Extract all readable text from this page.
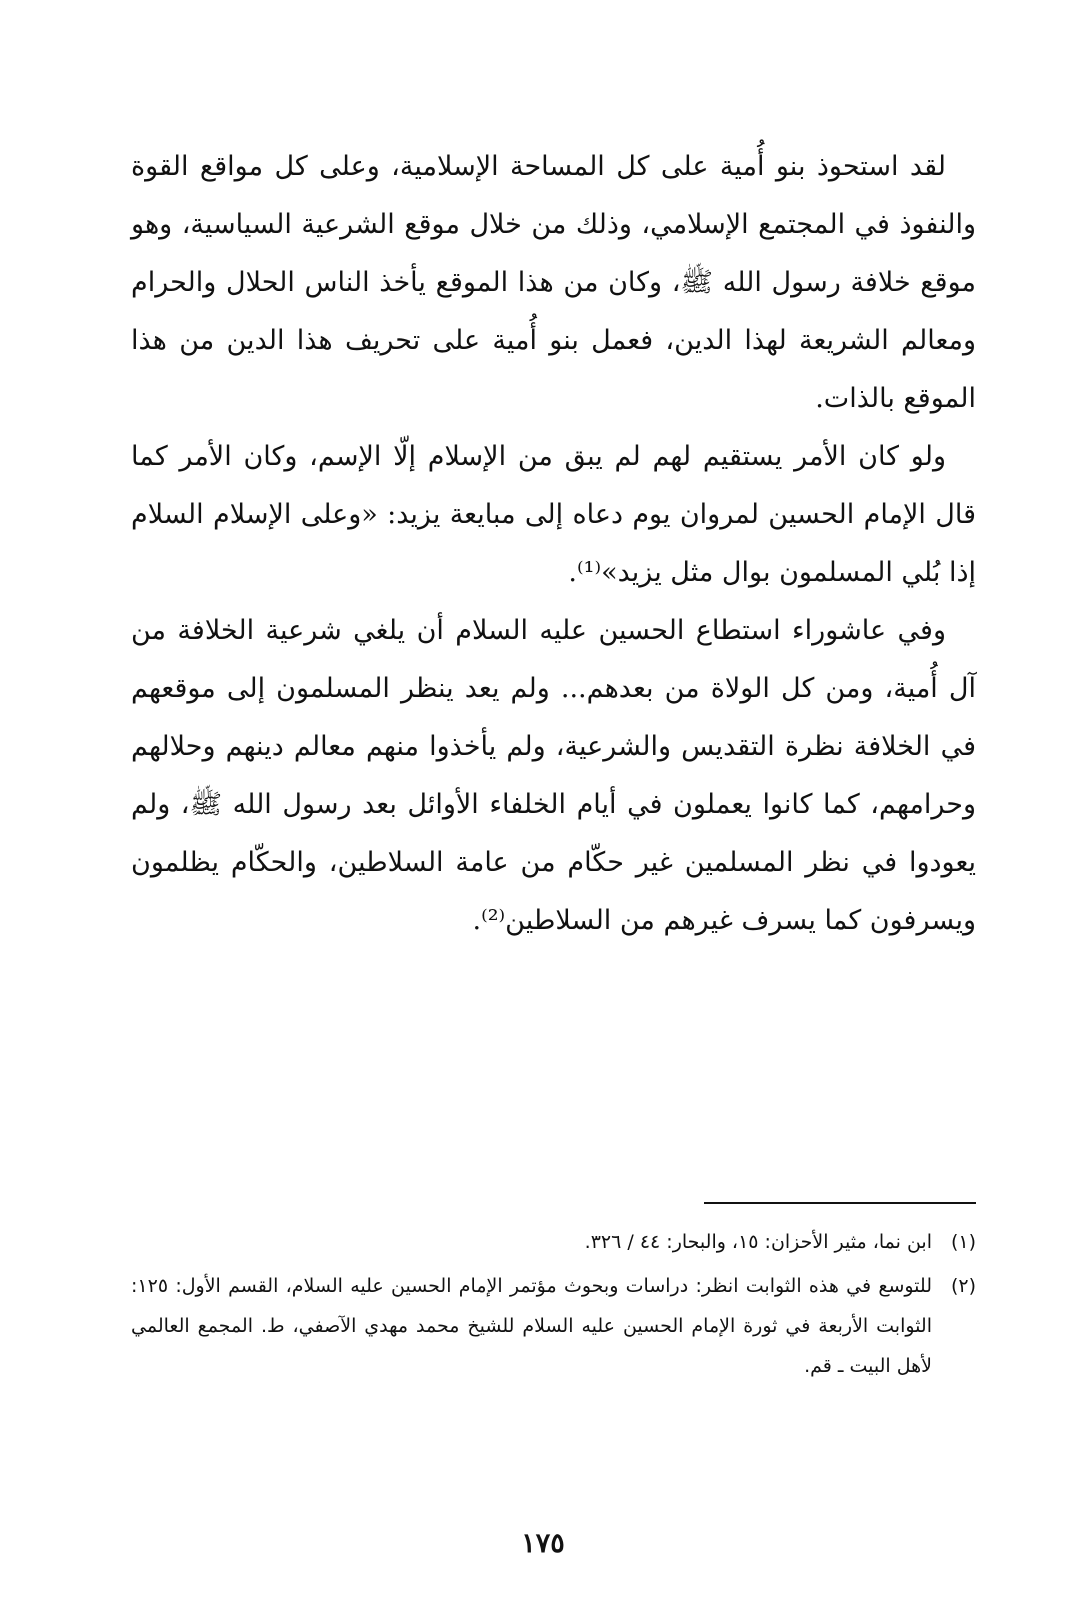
لقد استحوذ بنو أُمية على كل المساحة الإسلامية، وعلى كل مواقع القوة والنفوذ في المجتمع الإسلامي، وذلك من خلال موقع الشرعية السياسية، وهو موقع خلافة رسول الله ﷺ، وكان من هذا الموقع يأخذ الناس الحلال والحرام ومعالم الشريعة لهذا الدين، فعمل بنو أُمية على تحريف هذا الدين من هذا الموقع بالذات.

ولو كان الأمر يستقيم لهم لم يبق من الإسلام إلّا الإسم، وكان الأمر كما قال الإمام الحسين لمروان يوم دعاه إلى مبايعة يزيد: «وعلى الإسلام السلام إذا بُلي المسلمون بوال مثل يزيد»⁽¹⁾.

وفي عاشوراء استطاع الحسين عليه السلام أن يلغي شرعية الخلافة من آل أُمية، ومن كل الولاة من بعدهم... ولم يعد ينظر المسلمون إلى موقعهم في الخلافة نظرة التقديس والشرعية، ولم يأخذوا منهم معالم دينهم وحلالهم وحرامهم، كما كانوا يعملون في أيام الخلفاء الأوائل بعد رسول الله ﷺ، ولم يعودوا في نظر المسلمين غير حكّام من عامة السلاطين، والحكّام يظلمون ويسرفون كما يسرف غيرهم من السلاطين⁽²⁾.

(١)
ابن نما، مثير الأحزان: ١٥، والبحار: ٤٤ / ٣٢٦.
(٢)
للتوسع في هذه الثوابت انظر: دراسات وبحوث مؤتمر الإمام الحسين عليه السلام، القسم الأول: ١٢٥: الثوابت الأربعة في ثورة الإمام الحسين عليه السلام للشيخ محمد مهدي الآصفي، ط. المجمع العالمي لأهل البيت ـ قم.
١٧٥
